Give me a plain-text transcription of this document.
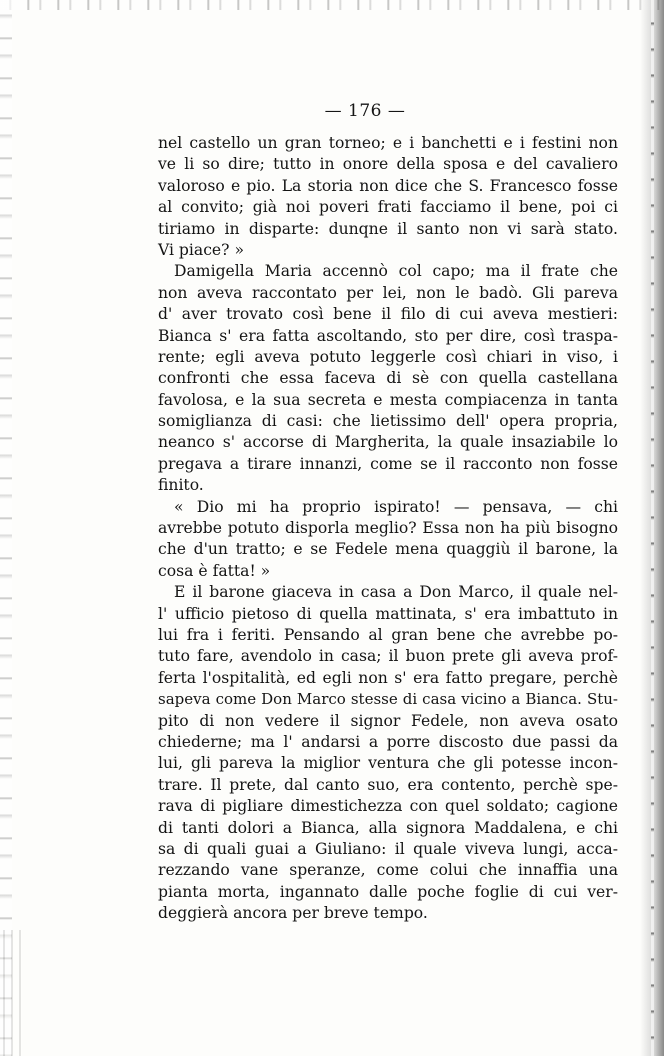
— 176 —
nel castello un gran torneo; e i banchetti e i festini non
ve li so dire; tutto in onore della sposa e del cavaliero
valoroso e pio. La storia non dice che S. Francesco fosse
al convito; già noi poveri frati facciamo il bene, poi ci
tiriamo in disparte: dunqne il santo non vi sarà stato.
Vi piace? »
Damigella Maria accennò col capo; ma il frate che
non aveva raccontato per lei, non le badò. Gli pareva
d' aver trovato così bene il filo di cui aveva mestieri:
Bianca s' era fatta ascoltando, sto per dire, così traspa-
rente; egli aveva potuto leggerle così chiari in viso, i
confronti che essa faceva di sè con quella castellana
favolosa, e la sua secreta e mesta compiacenza in tanta
somiglianza di casi: che lietissimo dell' opera propria,
neanco s' accorse di Margherita, la quale insaziabile lo
pregava a tirare innanzi, come se il racconto non fosse
finito.
« Dio mi ha proprio ispirato! — pensava, — chi
avrebbe potuto disporla meglio? Essa non ha più bisogno
che d'un tratto; e se Fedele mena quaggiù il barone, la
cosa è fatta! »
E il barone giaceva in casa a Don Marco, il quale nel-
l' ufficio pietoso di quella mattinata, s' era imbattuto in
lui fra i feriti. Pensando al gran bene che avrebbe po-
tuto fare, avendolo in casa; il buon prete gli aveva prof-
ferta l'ospitalità, ed egli non s' era fatto pregare, perchè
sapeva come Don Marco stesse di casa vicino a Bianca. Stu-
pito di non vedere il signor Fedele, non aveva osato
chiederne; ma l' andarsi a porre discosto due passi da
lui, gli pareva la miglior ventura che gli potesse incon-
trare. Il prete, dal canto suo, era contento, perchè spe-
rava di pigliare dimestichezza con quel soldato; cagione
di tanti dolori a Bianca, alla signora Maddalena, e chi
sa di quali guai a Giuliano: il quale viveva lungi, acca-
rezzando vane speranze, come colui che innaffia una
pianta morta, ingannato dalle poche foglie di cui ver-
deggierà ancora per breve tempo.
